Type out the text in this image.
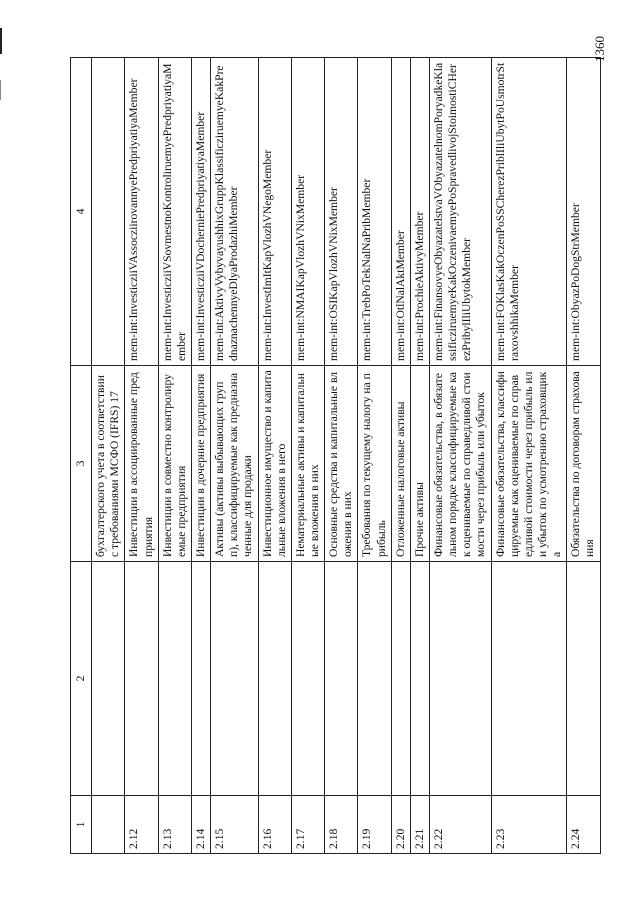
1360
1	2	3	4
		бухгалтерского учета в соответствии с требованиями МСФО (IFRS) 17	
2.12		Инвестиции в ассоциированные предприятия	mem-int:InvesticziiVAssocziirovannyePredpriyatiyaMember
2.13		Инвестиции в совместно контролируемые предприятия	mem-int:InvesticziiVSovmestnoKontroliruemyePredpriyatiyaMember
2.14		Инвестиции в дочерние предприятия	mem-int:InvesticziiVDocherniePredpriyatiyaMember
2.15		Активы (активы выбывающих групп), классифицируемые как предназначенные для продажи	mem-int:AktivyVybyvayushhixGruppKlassificziruemyeKakPrednaznachennyeDlyaProdazhiMember
2.16		Инвестиционное имущество и капитальные вложения в него	mem-int:InvestImItKapVlozhVNegoMember
2.17		Нематериальные активы и капитальные вложения в них	mem-int:NMAIKapVlozhVNixMember
2.18		Основные средства и капитальные вложения в них	mem-int:OSIKapVlozhVNixMember
2.19		Требования по текущему налогу на прибыль	mem-int:TrebPoTekNalNaPribMember
2.20		Отложенные налоговые активы	mem-int:OtlNalAktMember
2.21		Прочие активы	mem-int:ProchieAktivyMember
2.22		Финансовые обязательства, в обязательном порядке классифицируемые как оцениваемые по справедливой стоимости через прибыль или убыток	mem-int:FinansovyeObyazatelstvaVObyazatelnomPoryadkeKlassificziruemyeKakOczenivaemyePoSpravedlivojStoimostiCHerezPribylIliUbytokMember
2.23		Финансовые обязательства, классифицируемые как оцениваемые по справедливой стоимости через прибыль или убыток по усмотрению страховщика	mem-int:FOKlasKakOczenPoSSCherezPriblIliUbytPoUsmotrStraxovshhikaMember
2.24		Обязательства по договорам страхования	mem-int:ObyazPoDogStrMember
